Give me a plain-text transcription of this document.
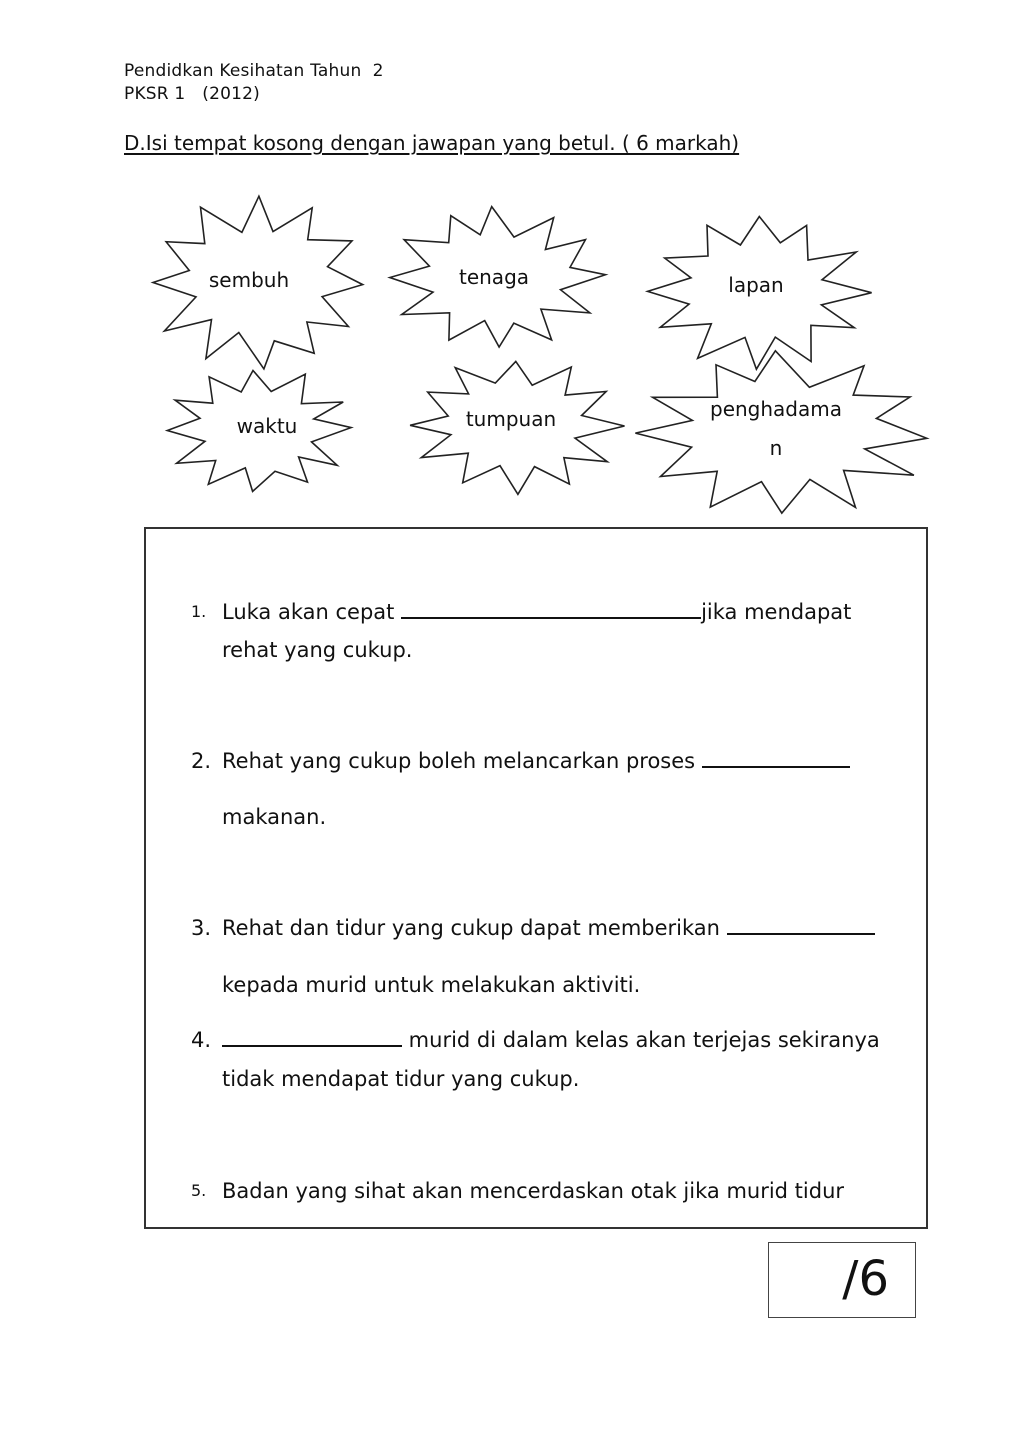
Pendidkan Kesihatan Tahun  2
PKSR 1   (2012)
D.Isi tempat kosong dengan jawapan yang betul. ( 6 markah)
sembuh	tenaga	lapan
waktu	tumpuan	penghadama
n
1. Luka akan cepat	jika mendapat
rehat yang cukup.
2. Rehat yang cukup boleh melancarkan proses
makanan.
3. Rehat dan tidur yang cukup dapat memberikan
kepada murid untuk melakukan aktiviti.
4.	murid di dalam kelas akan terjejas sekiranya
tidak mendapat tidur yang cukup.
5. Badan yang sihat akan mencerdaskan otak jika murid tidur
/6
